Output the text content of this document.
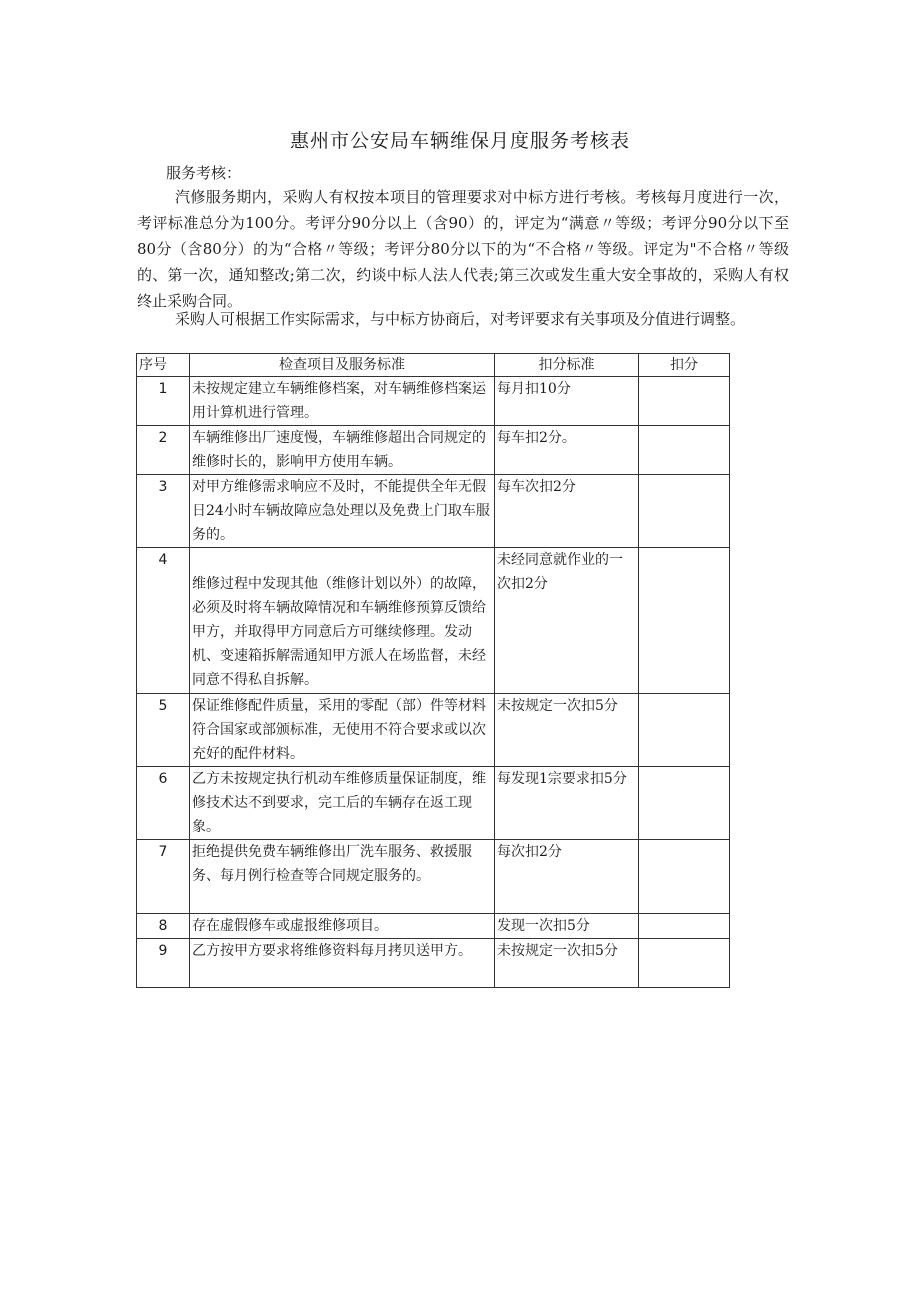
惠州市公安局车辆维保月度服务考核表
服务考核：
汽修服务期内，采购人有权按本项目的管理要求对中标方进行考核。考核每月度进行一次，考评标准总分为100分。考评分90分以上（含90）的，评定为“满意〃等级；考评分90分以下至80分（含80分）的为“合格〃等级；考评分80分以下的为“不合格〃等级。评定为"不合格〃等级的、第一次，通知整改;第二次，约谈中标人法人代表;第三次或发生重大安全事故的，采购人有权终止采购合同。
采购人可根据工作实际需求，与中标方协商后，对考评要求有关事项及分值进行调整。
序号	检查项目及服务标准	扣分标准	扣分
1	未按规定建立车辆维修档案，对车辆维修档案运用计算机进行管理。	每月扣10分	
2	车辆维修出厂速度慢，车辆维修超出合同规定的维修时长的，影响甲方使用车辆。	每车扣2分。	
3	对甲方维修需求响应不及时，不能提供全年无假日24小时车辆故障应急处理以及免费上门取车服务的。	每车次扣2分	
4	维修过程中发现其他（维修计划以外）的故障，必须及时将车辆故障情况和车辆维修预算反馈给甲方，并取得甲方同意后方可继续修理。发动机、变速箱拆解需通知甲方派人在场监督，未经同意不得私自拆解。	未经同意就作业的一次扣2分	
5	保证维修配件质量，采用的零配（部）件等材料符合国家或部颁标准，无使用不符合要求或以次充好的配件材料。	未按规定一次扣5分	
6	乙方未按规定执行机动车维修质量保证制度，维修技术达不到要求，完工后的车辆存在返工现象。	每发现1宗要求扣5分	
7	拒绝提供免费车辆维修出厂洗车服务、救援服务、每月例行检查等合同规定服务的。	每次扣2分	
8	存在虚假修车或虚报维修项目。	发现一次扣5分	
9	乙方按甲方要求将维修资料每月拷贝送甲方。	未按规定一次扣5分	
